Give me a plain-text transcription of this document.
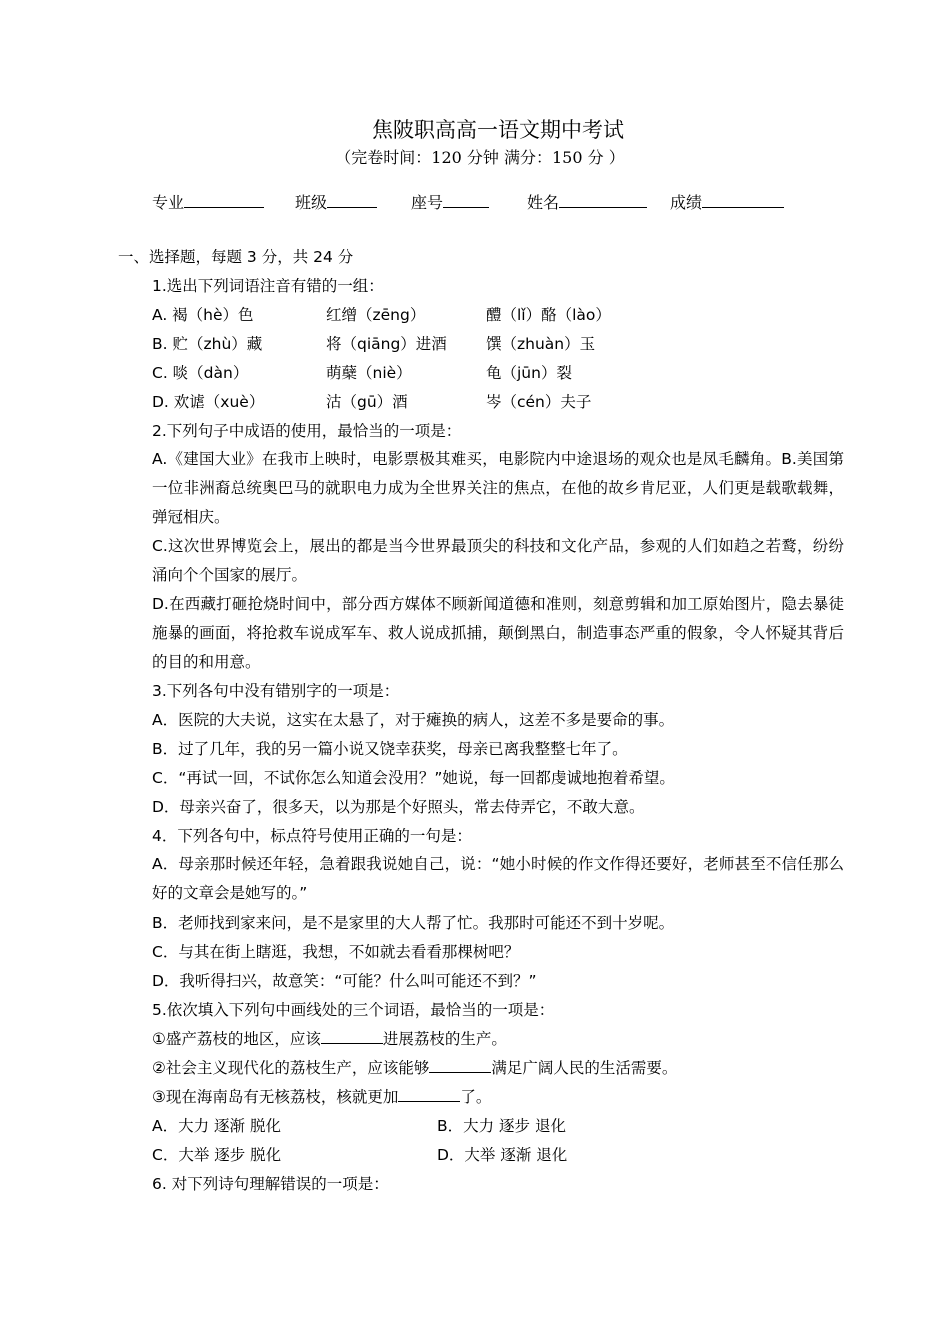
焦陂职高高一语文期中考试
（完卷时间：120 分钟 满分：150 分 ）
专业	班级	座号	姓名	成绩
一、选择题，每题 3 分，共 24 分
1.选出下列词语注音有错的一组：
A. 褐（hè）色	红缯（zēng）	醴（lǐ）酪（lào）
B. 贮（zhù）藏	将（qiāng）进酒	馔（zhuàn）玉
C. 啖（dàn）	萌蘖（niè）	龟（jūn）裂
D. 欢谑（xuè）	沽（gū）酒	岑（cén）夫子
2.下列句子中成语的使用，最恰当的一项是：
A.《建国大业》在我市上映时，电影票极其难买，电影院内中途退场的观众也是凤毛麟角。B.美国第一位非洲裔总统奥巴马的就职电力成为全世界关注的焦点，在他的故乡肯尼亚，人们更是载歌载舞，弹冠相庆。
C.这次世界博览会上，展出的都是当今世界最顶尖的科技和文化产品，参观的人们如趋之若鹜，纷纷涌向个个国家的展厅。
D.在西藏打砸抢烧时间中，部分西方媒体不顾新闻道德和准则，刻意剪辑和加工原始图片，隐去暴徒施暴的画面，将抢救车说成军车、救人说成抓捕，颠倒黑白，制造事态严重的假象，令人怀疑其背后的目的和用意。
3.下列各句中没有错别字的一项是：
A．医院的大夫说，这实在太悬了，对于瘫换的病人，这差不多是要命的事。
B．过了几年，我的另一篇小说又饶幸获奖，母亲已离我整整七年了。
C．“再试一回，不试你怎么知道会没用？”她说，每一回都虔诚地抱着希望。
D．母亲兴奋了，很多天，以为那是个好照头，常去侍弄它，不敢大意。
4．下列各句中，标点符号使用正确的一句是：
A．母亲那时候还年轻，急着跟我说她自己，说：“她小时候的作文作得还要好，老师甚至不信任那么好的文章会是她写的。”
B．老师找到家来问，是不是家里的大人帮了忙。我那时可能还不到十岁呢。
C．与其在街上瞎逛，我想，不如就去看看那棵树吧？
D．我听得扫兴，故意笑：“可能？什么叫可能还不到？”
5.依次填入下列句中画线处的三个词语，最恰当的一项是：
①盛产荔枝的地区，应该	进展荔枝的生产。
②社会主义现代化的荔枝生产，应该能够	满足广阔人民的生活需要。
③现在海南岛有无核荔枝，核就更加	了。
A．大力 逐渐 脱化	B．大力 逐步 退化
C．大举 逐步 脱化	D．大举 逐渐 退化
6. 对下列诗句理解错误的一项是：
